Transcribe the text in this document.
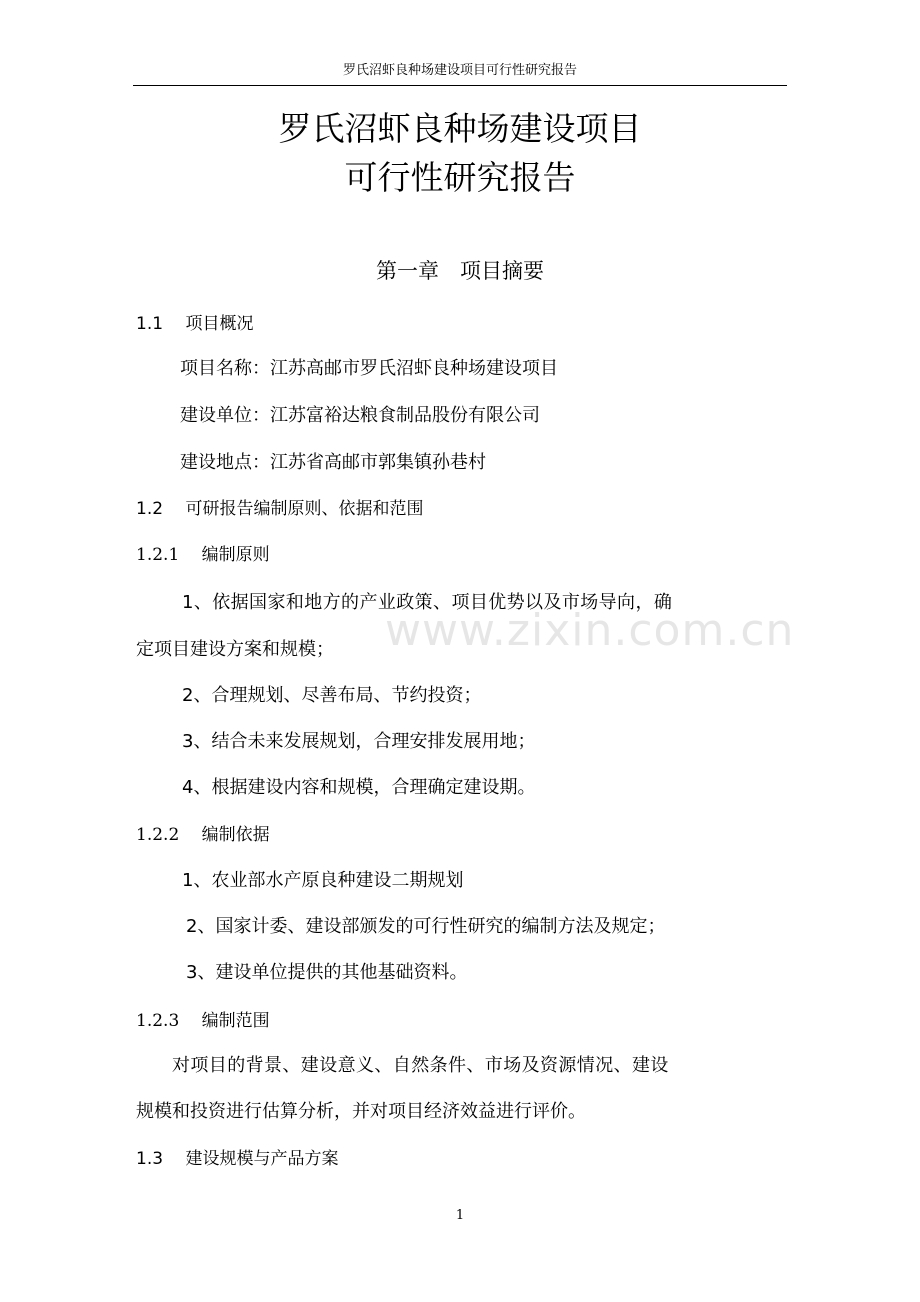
罗氏沼虾良种场建设项目可行性研究报告
罗氏沼虾良种场建设项目
可行性研究报告
第一章　项目摘要
1.1　 项目概况
项目名称：江苏高邮市罗氏沼虾良种场建设项目
建设单位：江苏富裕达粮食制品股份有限公司
建设地点：江苏省高邮市郭集镇孙巷村
1.2　 可研报告编制原则、依据和范围
1.2.1　 编制原则
1、依据国家和地方的产业政策、项目优势以及市场导向，确
定项目建设方案和规模；
2、合理规划、尽善布局、节约投资；
3、结合未来发展规划，合理安排发展用地；
4、根据建设内容和规模，合理确定建设期。
1.2.2　 编制依据
1、农业部水产原良种建设二期规划
2、国家计委、建设部颁发的可行性研究的编制方法及规定；
3、建设单位提供的其他基础资料。
1.2.3　 编制范围
对项目的背景、建设意义、自然条件、市场及资源情况、建设
规模和投资进行估算分析，并对项目经济效益进行评价。
1.3　 建设规模与产品方案
www.zixin.com.cn
1
